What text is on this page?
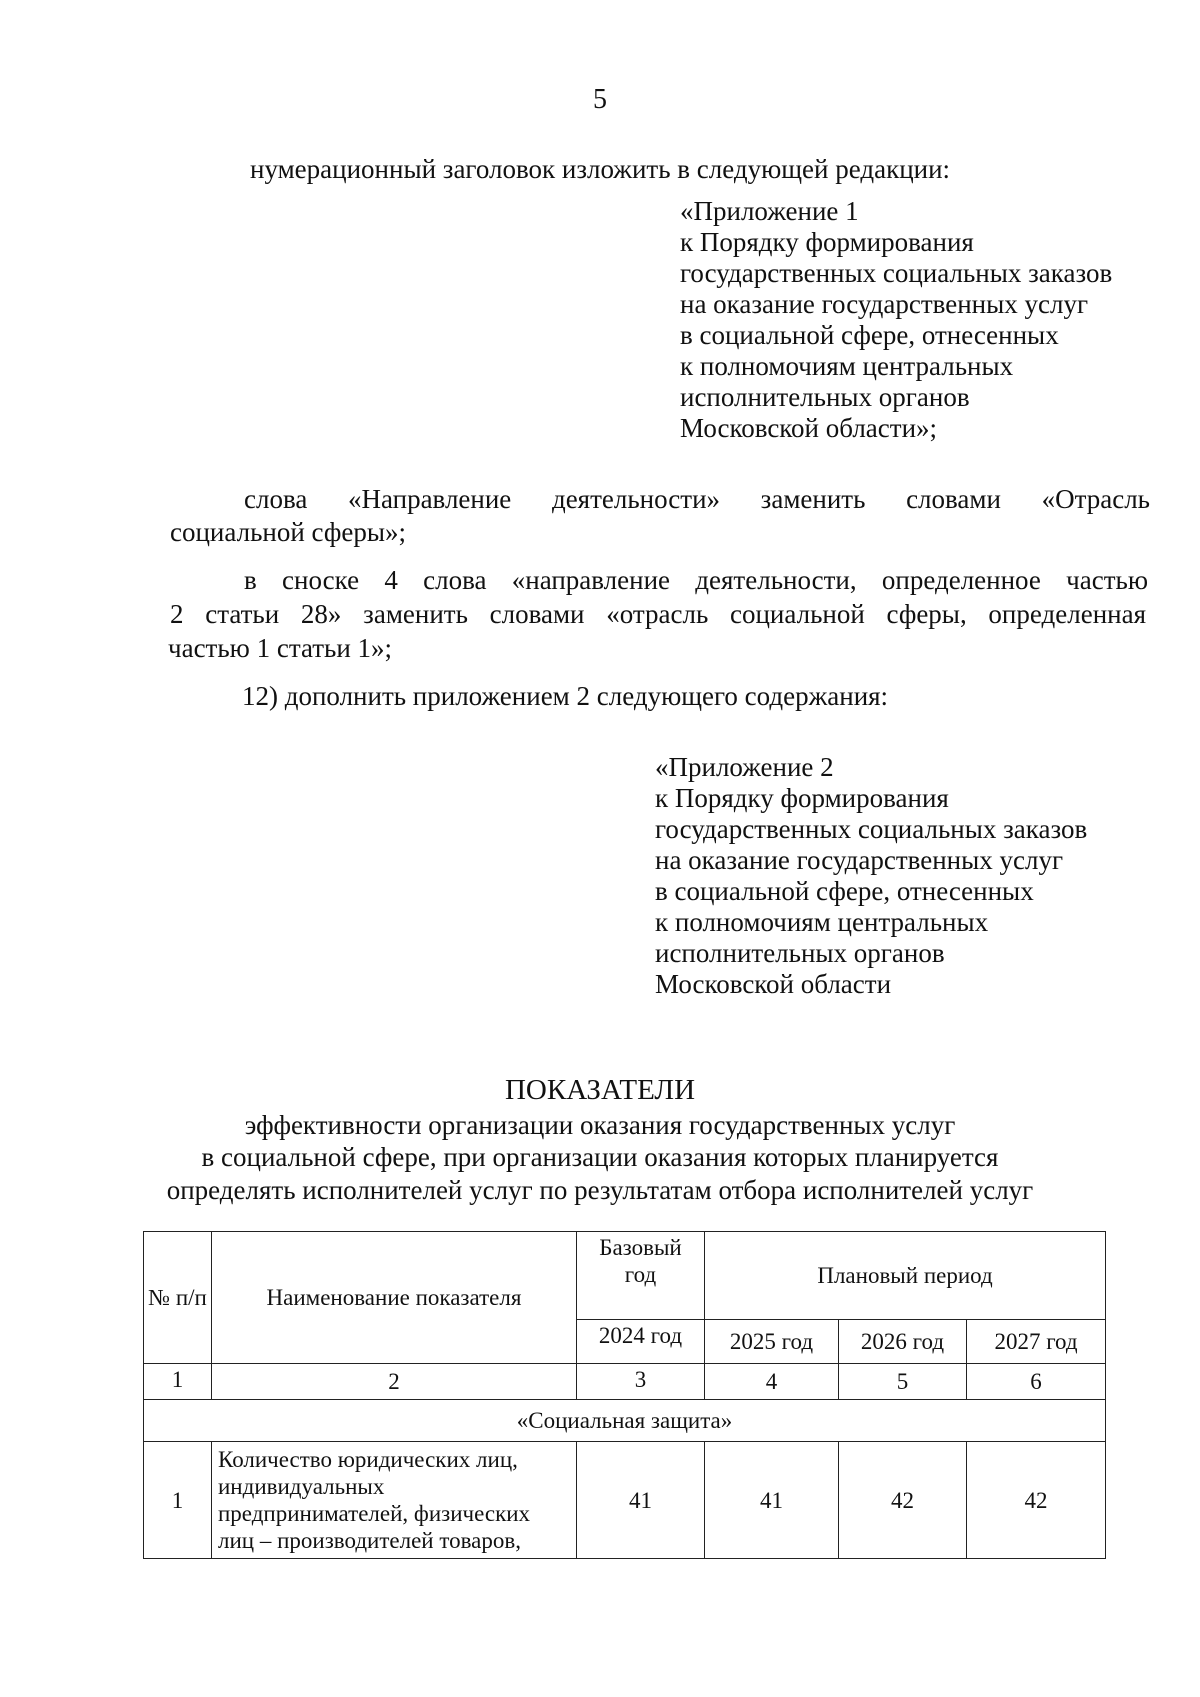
5
нумерационный заголовок изложить в следующей редакции:
«Приложение 1
к Порядку формирования
государственных социальных заказов
на оказание государственных услуг
в социальной сфере, отнесенных
к полномочиям центральных
исполнительных органов
Московской области»;
слова «Направление деятельности» заменить словами «Отрасль
социальной сферы»;
в сноске 4 слова «направление деятельности, определенное частью
2 статьи 28» заменить словами «отрасль социальной сферы, определенная
частью 1 статьи 1»;
12) дополнить приложением 2 следующего содержания:
«Приложение 2
к Порядку формирования
государственных социальных заказов
на оказание государственных услуг
в социальной сфере, отнесенных
к полномочиям центральных
исполнительных органов
Московской области
ПОКАЗАТЕЛИ
эффективности организации оказания государственных услуг
в социальной сфере, при организации оказания которых планируется
определять исполнителей услуг по результатам отбора исполнителей услуг
№ п/п	Наименование показателя	Базовый год	Плановый период		
		2024 год	2025 год	2026 год	2027 год
1	2	3	4	5	6
«Социальная защита»					
1	Количество юридических лиц,
индивидуальных
предпринимателей, физических
лиц – производителей товаров,	41	41	42	42
